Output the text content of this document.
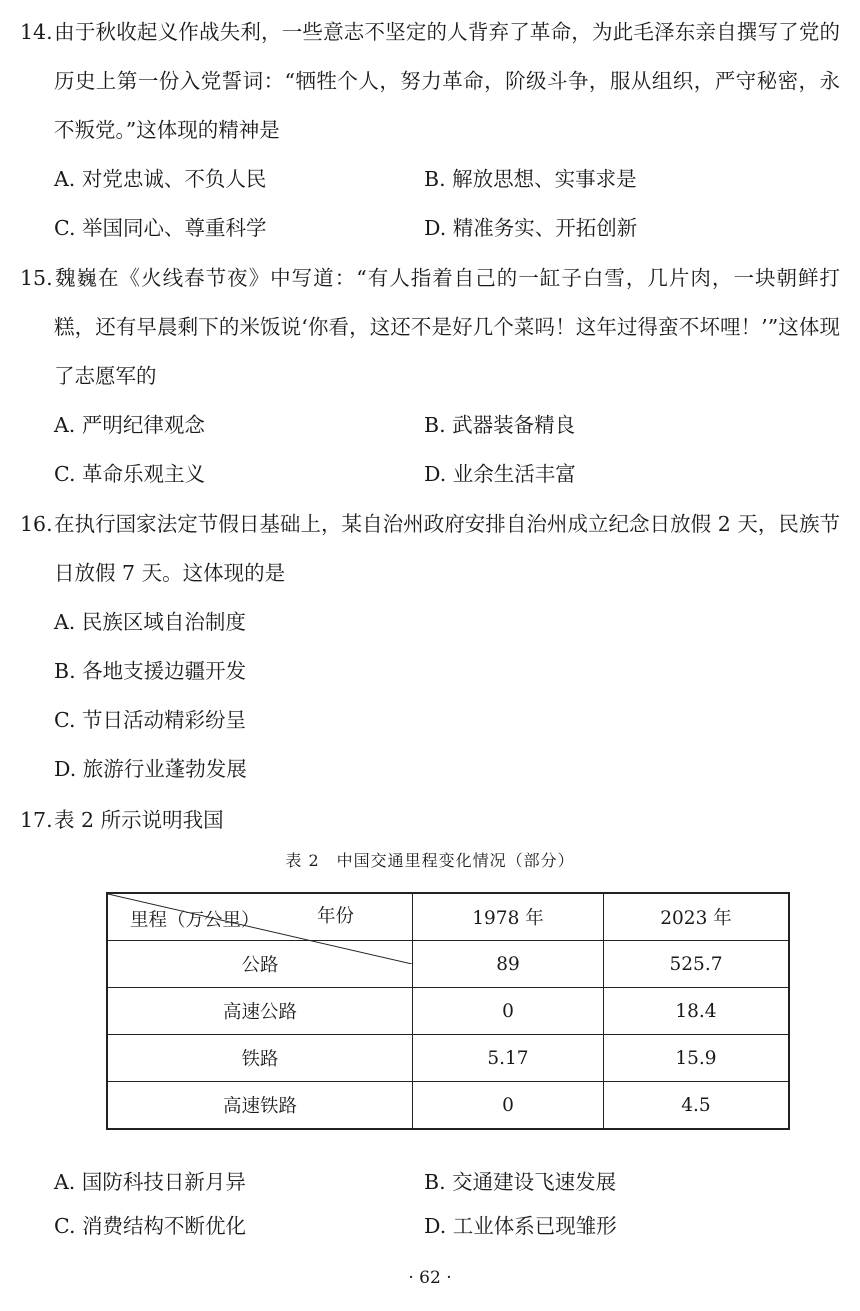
14.由于秋收起义作战失利，一些意志不坚定的人背弃了革命，为此毛泽东亲自撰写了党的历史上第一份入党誓词：“牺牲个人，努力革命，阶级斗争，服从组织，严守秘密，永不叛党。”这体现的精神是

A. 对党忠诚、不负人民	B. 解放思想、实事求是
C. 举国同心、尊重科学	D. 精准务实、开拓创新

15.魏巍在《火线春节夜》中写道：“有人指着自己的一缸子白雪，几片肉，一块朝鲜打糕，还有早晨剩下的米饭说‘你看，这还不是好几个菜吗！这年过得蛮不坏哩！’”这体现了志愿军的

A. 严明纪律观念	B. 武器装备精良
C. 革命乐观主义	D. 业余生活丰富

16.在执行国家法定节假日基础上，某自治州政府安排自治州成立纪念日放假 2 天，民族节日放假 7 天。这体现的是

A. 民族区域自治制度
B. 各地支援边疆开发
C. 节日活动精彩纷呈
D. 旅游行业蓬勃发展

17.表 2 所示说明我国

表 2　中国交通里程变化情况（部分）
年份
里程（万公里）	1978 年	2023 年
公路	89	525.7
高速公路	0	18.4
铁路	5.17	15.9
高速铁路	0	4.5
A. 国防科技日新月异	B. 交通建设飞速发展
C. 消费结构不断优化	D. 工业体系已现雏形
· 62 ·
